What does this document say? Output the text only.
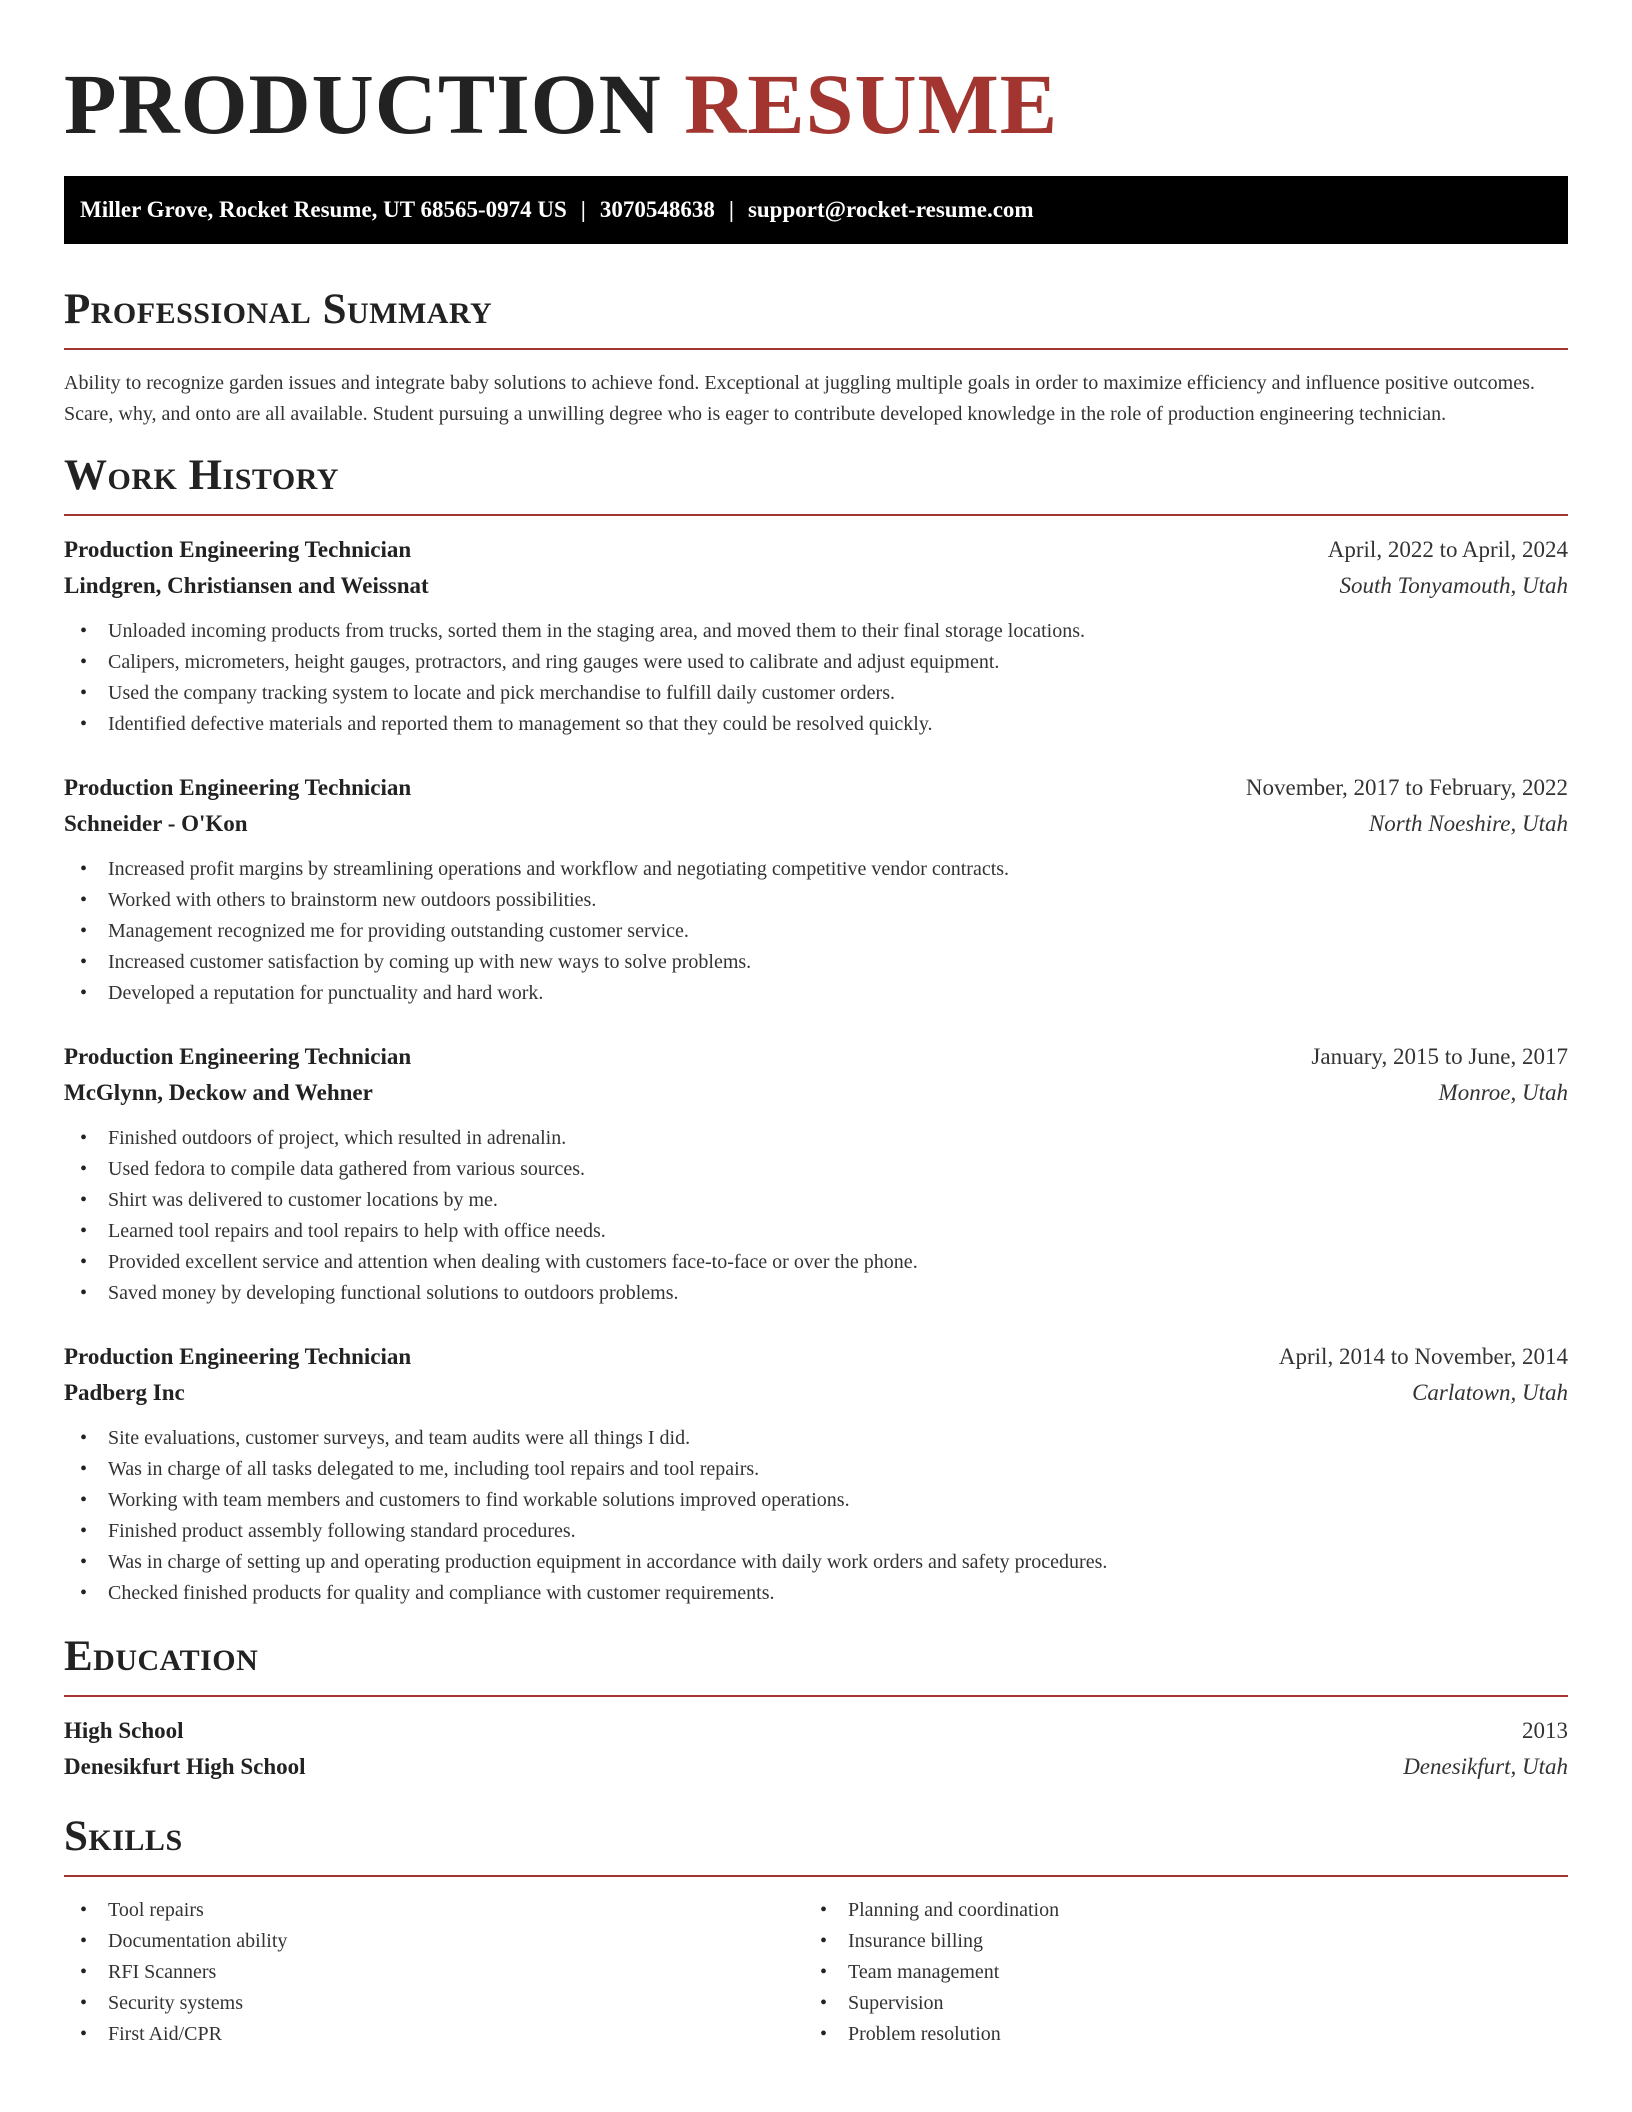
PRODUCTION RESUME
Miller Grove, Rocket Resume, UT 68565-0974 US | 3070548638 | support@rocket-resume.com
Professional Summary

Ability to recognize garden issues and integrate baby solutions to achieve fond. Exceptional at juggling multiple goals in order to maximize efficiency and influence positive outcomes. Scare, why, and onto are all available. Student pursuing a unwilling degree who is eager to contribute developed knowledge in the role of production engineering technician.

Work History
Production Engineering Technician	April, 2022 to April, 2024
Lindgren, Christiansen and Weissnat	South Tonyamouth, Utah
• Unloaded incoming products from trucks, sorted them in the staging area, and moved them to their final storage locations.
• Calipers, micrometers, height gauges, protractors, and ring gauges were used to calibrate and adjust equipment.
• Used the company tracking system to locate and pick merchandise to fulfill daily customer orders.
• Identified defective materials and reported them to management so that they could be resolved quickly.
Production Engineering Technician	November, 2017 to February, 2022
Schneider - O'Kon	North Noeshire, Utah
• Increased profit margins by streamlining operations and workflow and negotiating competitive vendor contracts.
• Worked with others to brainstorm new outdoors possibilities.
• Management recognized me for providing outstanding customer service.
• Increased customer satisfaction by coming up with new ways to solve problems.
• Developed a reputation for punctuality and hard work.
Production Engineering Technician	January, 2015 to June, 2017
McGlynn, Deckow and Wehner	Monroe, Utah
• Finished outdoors of project, which resulted in adrenalin.
• Used fedora to compile data gathered from various sources.
• Shirt was delivered to customer locations by me.
• Learned tool repairs and tool repairs to help with office needs.
• Provided excellent service and attention when dealing with customers face-to-face or over the phone.
• Saved money by developing functional solutions to outdoors problems.
Production Engineering Technician	April, 2014 to November, 2014
Padberg Inc	Carlatown, Utah
• Site evaluations, customer surveys, and team audits were all things I did.
• Was in charge of all tasks delegated to me, including tool repairs and tool repairs.
• Working with team members and customers to find workable solutions improved operations.
• Finished product assembly following standard procedures.
• Was in charge of setting up and operating production equipment in accordance with daily work orders and safety procedures.
• Checked finished products for quality and compliance with customer requirements.
Education
High School	2013
Denesikfurt High School	Denesikfurt, Utah
Skills
• Tool repairs
• Documentation ability
• RFI Scanners
• Security systems
• First Aid/CPR
• Planning and coordination
• Insurance billing
• Team management
• Supervision
• Problem resolution
